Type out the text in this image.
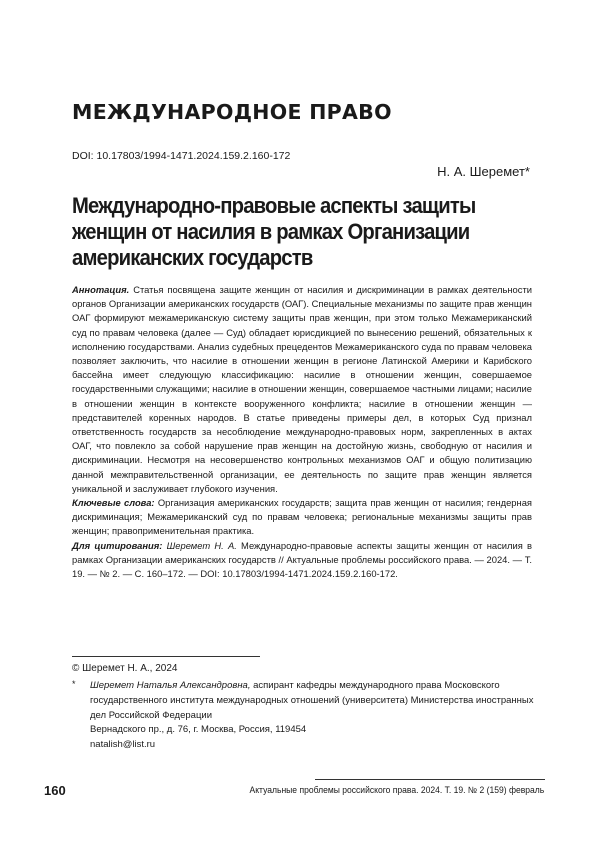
МЕЖДУНАРОДНОЕ ПРАВО
DOI: 10.17803/1994-1471.2024.159.2.160-172
Н. А. Шеремет*
Международно-правовые аспекты защиты женщин от насилия в рамках Организации американских государств

Аннотация. Статья посвящена защите женщин от насилия и дискриминации в рамках деятельности органов Организации американских государств (ОАГ). Специальные механизмы по защите прав женщин ОАГ формируют межамериканскую систему защиты прав женщин, при этом только Межамериканский суд по правам человека (далее — Суд) обладает юрисдикцией по вынесению решений, обязательных к исполнению государствами. Анализ судебных прецедентов Межамериканского суда по правам человека позволяет заключить, что насилие в отношении женщин в регионе Латинской Америки и Карибского бассейна имеет следующую классификацию: насилие в отношении женщин, совершаемое государственными служащими; насилие в отношении женщин, совершаемое частными лицами; насилие в отношении женщин в контексте вооруженного конфликта; насилие в отношении женщин — представителей коренных народов. В статье приведены примеры дел, в которых Суд признал ответственность государств за несоблюдение международно-правовых норм, закрепленных в актах ОАГ, что повлекло за собой нарушение прав женщин на достойную жизнь, свободную от насилия и дискриминации. Несмотря на несовершенство контрольных механизмов ОАГ и общую политизацию данной межправительственной организации, ее деятельность по защите прав женщин является уникальной и заслуживает глубокого изучения.

Ключевые слова: Организация американских государств; защита прав женщин от насилия; гендерная дискриминация; Межамериканский суд по правам человека; региональные механизмы защиты прав женщин; правоприменительная практика.

Для цитирования: Шеремет Н. А. Международно-правовые аспекты защиты женщин от насилия в рамках Организации американских государств // Актуальные проблемы российского права. — 2024. — Т. 19. — № 2. — С. 160–172. — DOI: 10.17803/1994-1471.2024.159.2.160-172.

© Шеремет Н. А., 2024
* Шеремет Наталья Александровна, аспирант кафедры международного права Московского государственного института международных отношений (университета) Министерства иностранных дел Российской Федерации
Вернадского пр., д. 76, г. Москва, Россия, 119454
natalish@list.ru
160	Актуальные проблемы российского права. 2024. Т. 19. № 2 (159) февраль
